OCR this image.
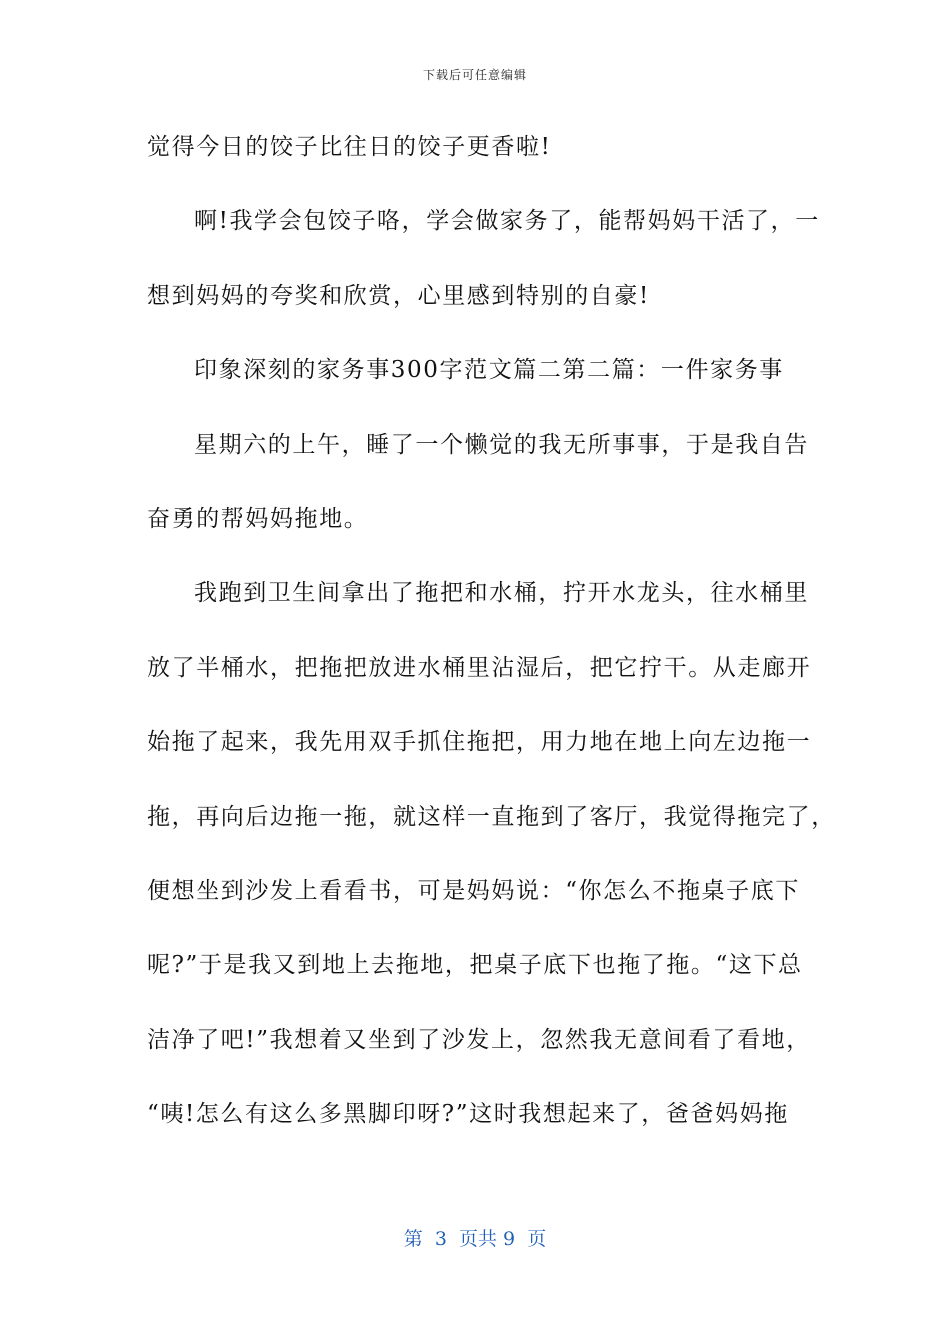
下载后可任意编辑
觉得今日的饺子比往日的饺子更香啦!
啊!我学会包饺子咯，学会做家务了，能帮妈妈干活了，一
想到妈妈的夸奖和欣赏，心里感到特别的自豪!
印象深刻的家务事300字范文篇二第二篇：一件家务事
星期六的上午，睡了一个懒觉的我无所事事，于是我自告
奋勇的帮妈妈拖地。
我跑到卫生间拿出了拖把和水桶，拧开水龙头，往水桶里
放了半桶水，把拖把放进水桶里沾湿后，把它拧干。从走廊开
始拖了起来，我先用双手抓住拖把，用力地在地上向左边拖一
拖，再向后边拖一拖，就这样一直拖到了客厅，我觉得拖完了，
便想坐到沙发上看看书，可是妈妈说：“你怎么不拖桌子底下
呢?”于是我又到地上去拖地，把桌子底下也拖了拖。“这下总
洁净了吧!”我想着又坐到了沙发上，忽然我无意间看了看地，
“咦!怎么有这么多黑脚印呀?”这时我想起来了，爸爸妈妈拖
第  3  页共 9  页
